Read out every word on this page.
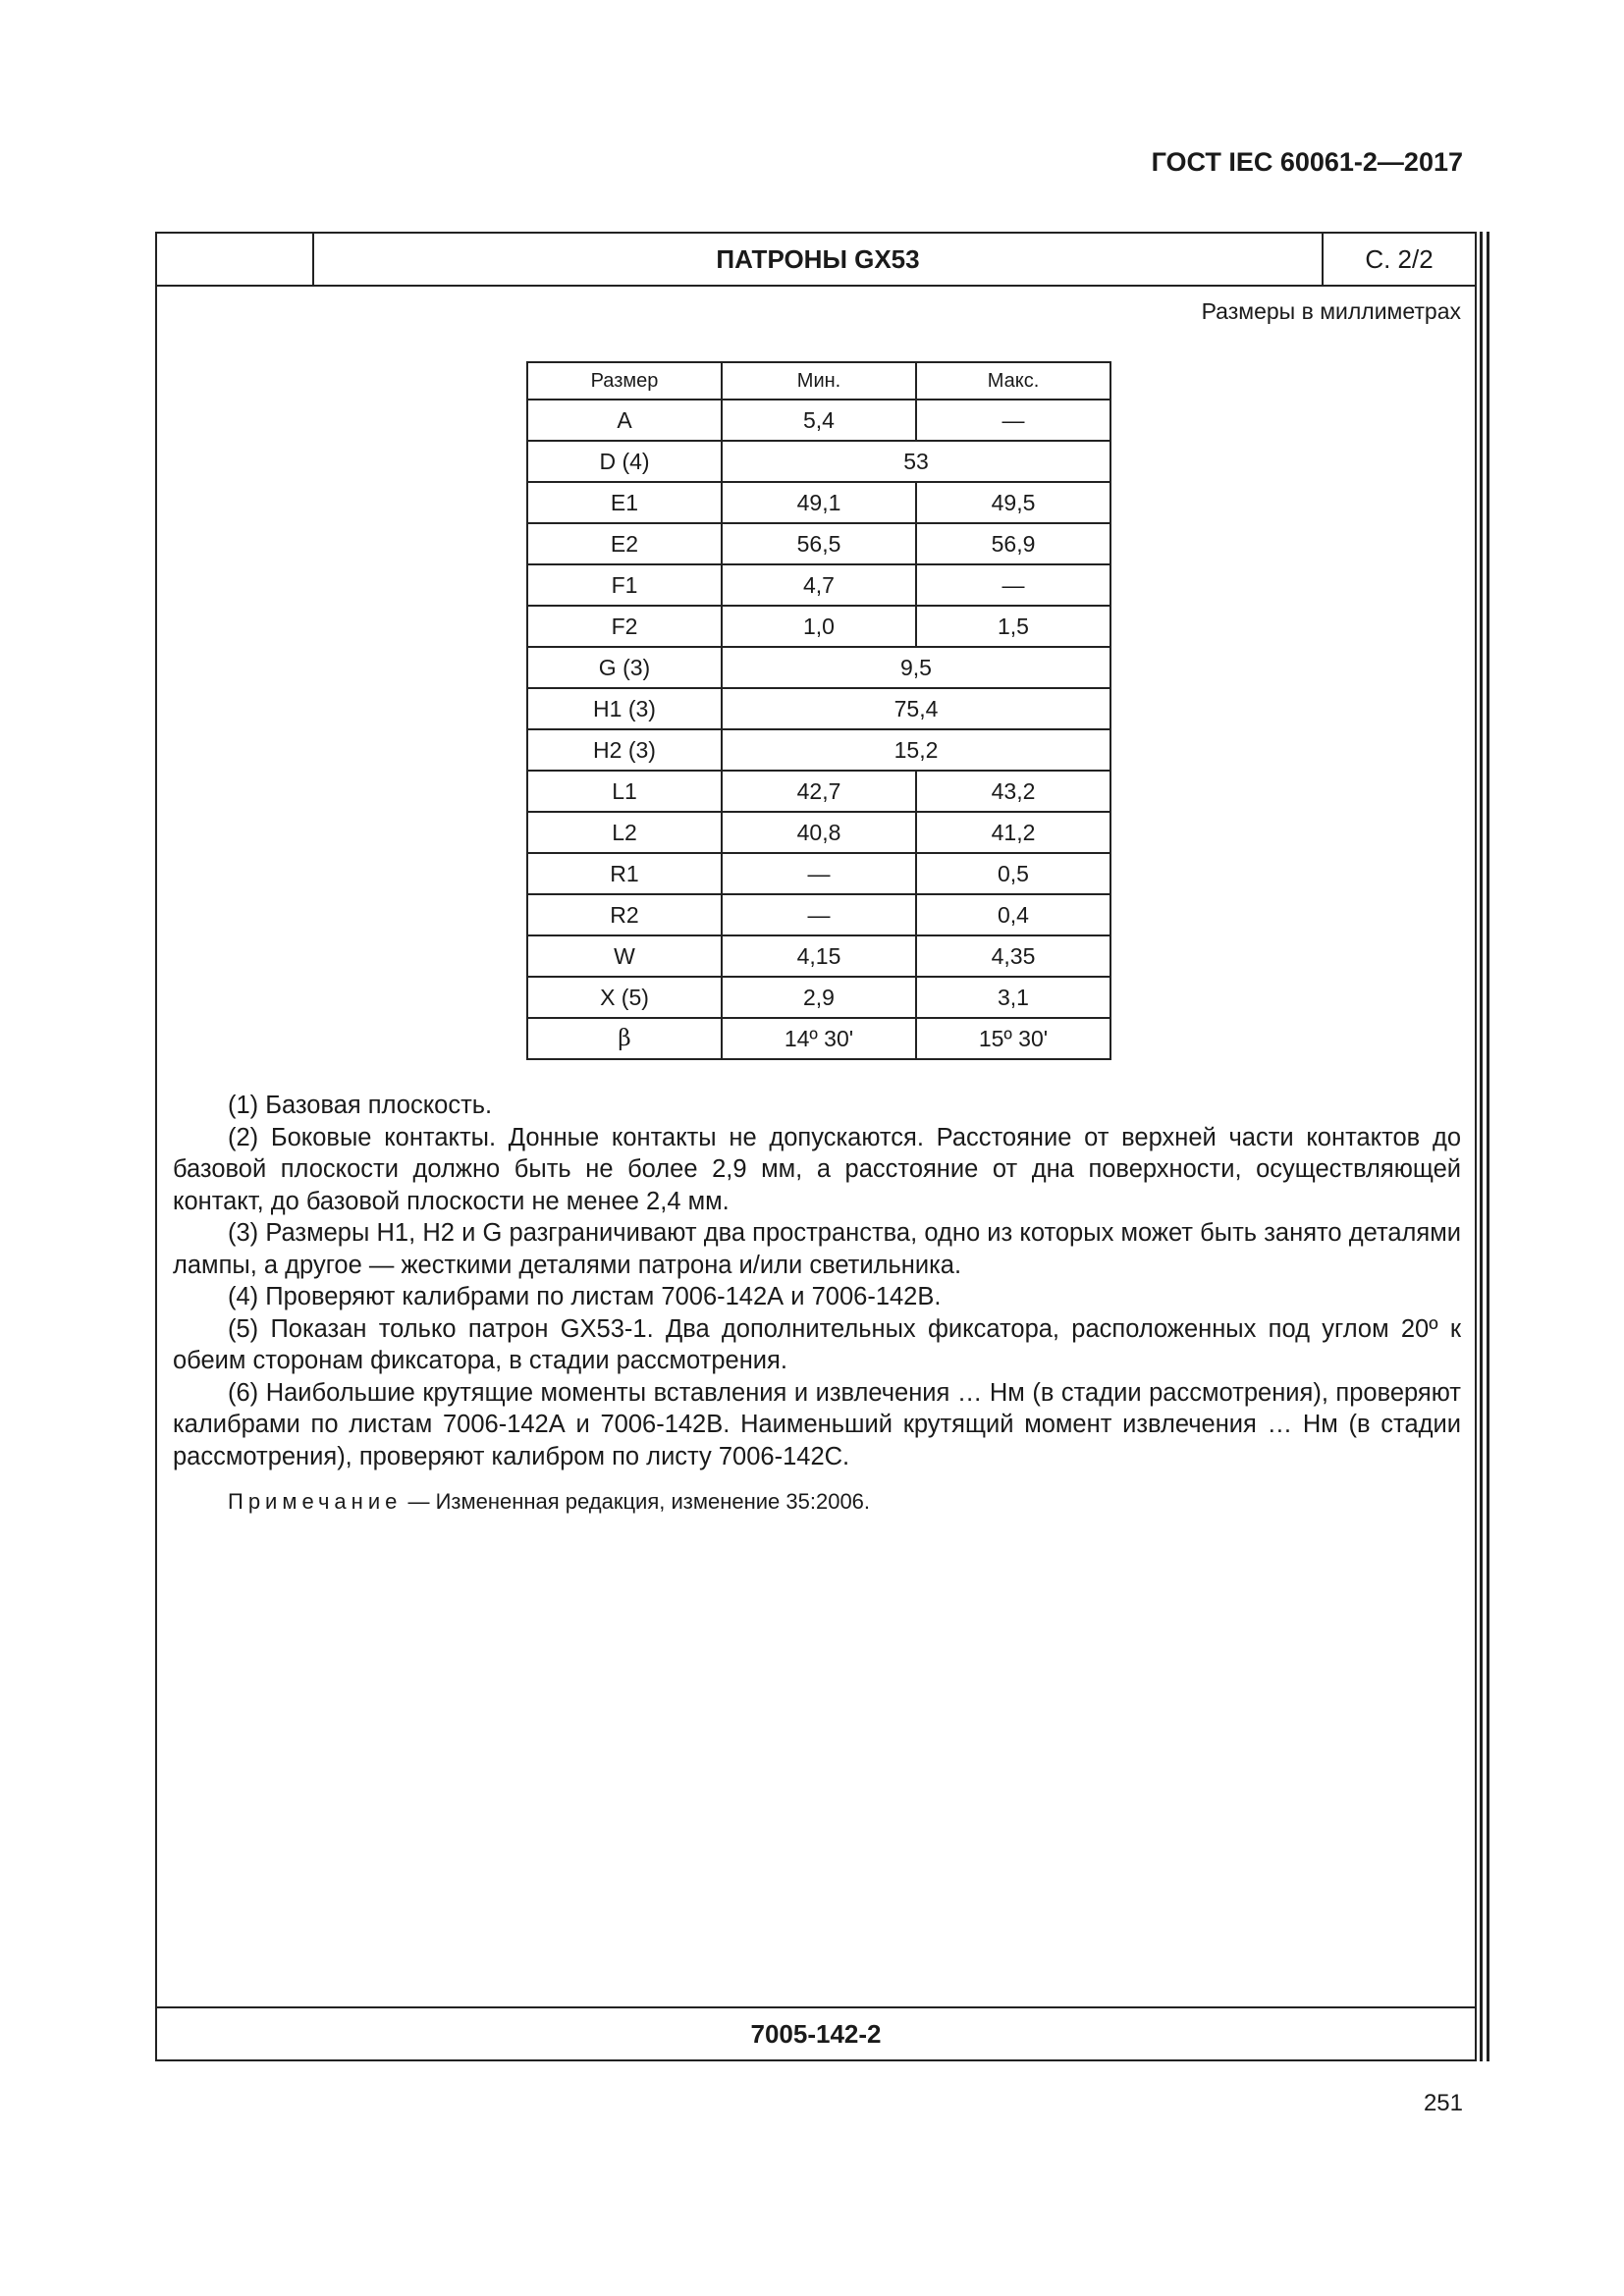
ГОСТ IEC 60061-2—2017
ПАТРОНЫ GX53	С. 2/2
Размеры в миллиметрах
Размер	Мин.	Макс.
A	5,4	—
D (4)	53	
E1	49,1	49,5
E2	56,5	56,9
F1	4,7	—
F2	1,0	1,5
G (3)	9,5	
H1 (3)	75,4	
H2 (3)	15,2	
L1	42,7	43,2
L2	40,8	41,2
R1	—	0,5
R2	—	0,4
W	4,15	4,35
X (5)	2,9	3,1
β	14º 30'	15º 30'

(1) Базовая плоскость.

(2) Боковые контакты. Донные контакты не допускаются. Расстояние от верхней части контактов до базовой плоскости должно быть не более 2,9 мм, а расстояние от дна поверхности, осуществляющей контакт, до базовой плоскости не менее 2,4 мм.

(3) Размеры Н1, Н2 и G разграничивают два пространства, одно из которых может быть занято деталями лампы, а другое — жесткими деталями патрона и/или светильника.

(4) Проверяют калибрами по листам 7006-142А и 7006-142В.

(5) Показан только патрон GX53-1. Два дополнительных фиксатора, расположенных под углом 20º к обеим сторонам фиксатора, в стадии рассмотрения.

(6) Наибольшие крутящие моменты вставления и извлечения … Нм (в стадии рассмотрения), проверяют калибрами по листам 7006-142А и 7006-142В. Наименьший крутящий момент извлечения … Нм (в стадии рассмотрения), проверяют калибром по листу 7006-142С.

Примечание — Измененная редакция, изменение 35:2006.

7005-142-2
251
